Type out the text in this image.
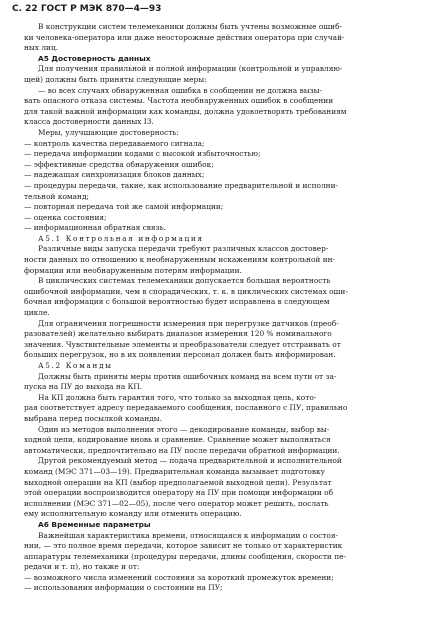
С. 22 ГОСТ Р МЭК 870—4—93
В конструкции систем телемеханики должны быть учтены возможные ошиб-
ки человека-оператора или даже неосторожные действия оператора при случай-
ных лиц.
А5 Достоверность данных
Для получения правильной и полной информации (контрольной и управляю-
щей) должны быть приняты следующие меры:
— во всех случаях обнаруженная ошибка в сообщении не должна вызы-
вать опасного отказа системы. Частота необнаруженных ошибок в сообщении
для такой важной информации как команды, должна удовлетворять требованиям
класса достоверности данных I3.
Меры, улучшающие достоверность:
— контроль качества передаваемого сигнала;
— передача информации кодами с высокой избыточностью;
— эффективные средства обнаружения ошибок;
— надежащая синхронизация блоков данных;
— процедуры передачи, такие, как использование предварительной и исполни-
тельной команд;
— повторная передача той же самой информации;
— оценка состояния;
— информационная обратная связь.
А5.1 Контрольная информация
Различные виды запуска передачи требуют различных классов достовер-
ности данных по отношению к необнаруженным искажениям контрольной ин-
формации или необнаруженным потерям информации.
В циклических системах телемеханики допускается большая вероятность
ошибочной информации, чем в спорадических, т. к. в циклических системах оши-
бочная информация с большой вероятностью будет исправлена в следующем
цикле.
Для ограничения погрешности измерения при перегрузке датчиков (преоб-
разователей) желательно выбирать диапазон измерения 120 % номинального
значения. Чувствительные элементы и преобразователи следует отстраивать от
больших перегрузок, но в их появлении персонал должен быть информирован.
А5.2 Команды
Должны быть приняты меры против ошибочных команд на всем пути от за-
пуска на ПУ до выхода на КП.
На КП должна быть гарантия того, что только за выходная цепь, кото-
рая соответствует адресу передаваемого сообщения, посланного с ПУ, правильно
выбрана перед посылкой команды.
Один из методов выполнения этого — декодирование команды, выбор вы-
ходной цепи, кодирование вновь и сравнение. Сравнение может выполняться
автоматически, предпочтительно на ПУ после передачи обратной информации.
Другой рекомендуемый метод — подача предварительной и исполнительной
команд (МЭС 371—03—19). Предварительная команда вызывает подготовку
выходной операции на КП (выбор предполагаемой выходной цепи). Результат
этой операции воспроизводится оператору на ПУ при помощи информации об
исполнении (МЭС 371—02—05), после чего оператор может решить, послать
ему исполнительную команду или отменить операцию.
А6 Временные параметры
Важнейшая характеристика времени, относящаяся к информации о состоя-
нии, — это полное время передачи, которое зависит не только от характеристик
аппаратуры телемеханики (процедуры передачи, длины сообщения, скорости пе-
редачи и т. п), но также и от:
— возможного числа изменений состояния за короткий промежуток времени;
— использования информации о состоянии на ПУ;
